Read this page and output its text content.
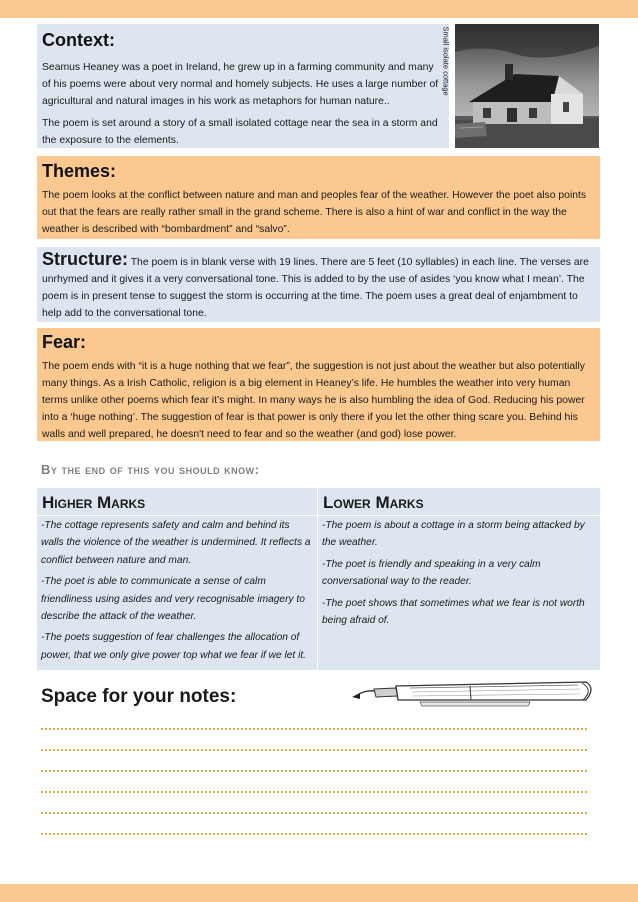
Context:

Seamus Heaney was a poet in Ireland, he grew up in a farming community and many of his poems were about very normal and homely subjects. He uses a large number of agricultural and natural images in his work as metaphors for human nature..

The poem is set around a story of a small isolated cottage near the sea in a storm and the exposure to the elements.

Small isolate cottage

Themes:

The poem looks at the conflict between nature and man and peoples fear of the weather. However the poet also points out that the fears are really rather small in the grand scheme. There is also a hint of war and conflict in the way the weather is described with “bombardment” and “salvo”.

Structure: The poem is in blank verse with 19 lines. There are 5 feet (10 syllables) in each line. The verses are unrhymed and it gives it a very conversational tone. This is added to by the use of asides ‘you know what I mean’. The poem is in present tense to suggest the storm is occurring at the time. The poem uses a great deal of enjambment to help add to the conversational tone.

Fear:

The poem ends with “it is a huge nothing that we fear”, the suggestion is not just about the weather but also potentially many things. As a Irish Catholic, religion is a big element in Heaney’s life. He humbles the weather into very human terms unlike other poems which fear it’s might. In many ways he is also humbling the idea of God. Reducing his power into a ‘huge nothing’. The suggestion of fear is that power is only there if you let the other thing scare you. Behind his walls and well prepared, he doesn't need to fear and so the weather (and god) lose power.

By the end of this you should know:
Higher Marks

-The cottage represents safety and calm and behind its walls the violence of the weather is undermined. It reflects a conflict between nature and man.

-The poet is able to communicate a sense of calm friendliness using asides and very recognisable imagery to describe the attack of the weather.

-The poets suggestion of fear challenges the allocation of power, that we only give power top what we fear if we let it.

Lower Marks

-The poem is about a cottage in a storm being attacked by the weather.

-The poet is friendly and speaking in a very calm conversational way to the reader.

-The poet shows that sometimes what we fear is not worth being afraid of.

Space for your notes:
